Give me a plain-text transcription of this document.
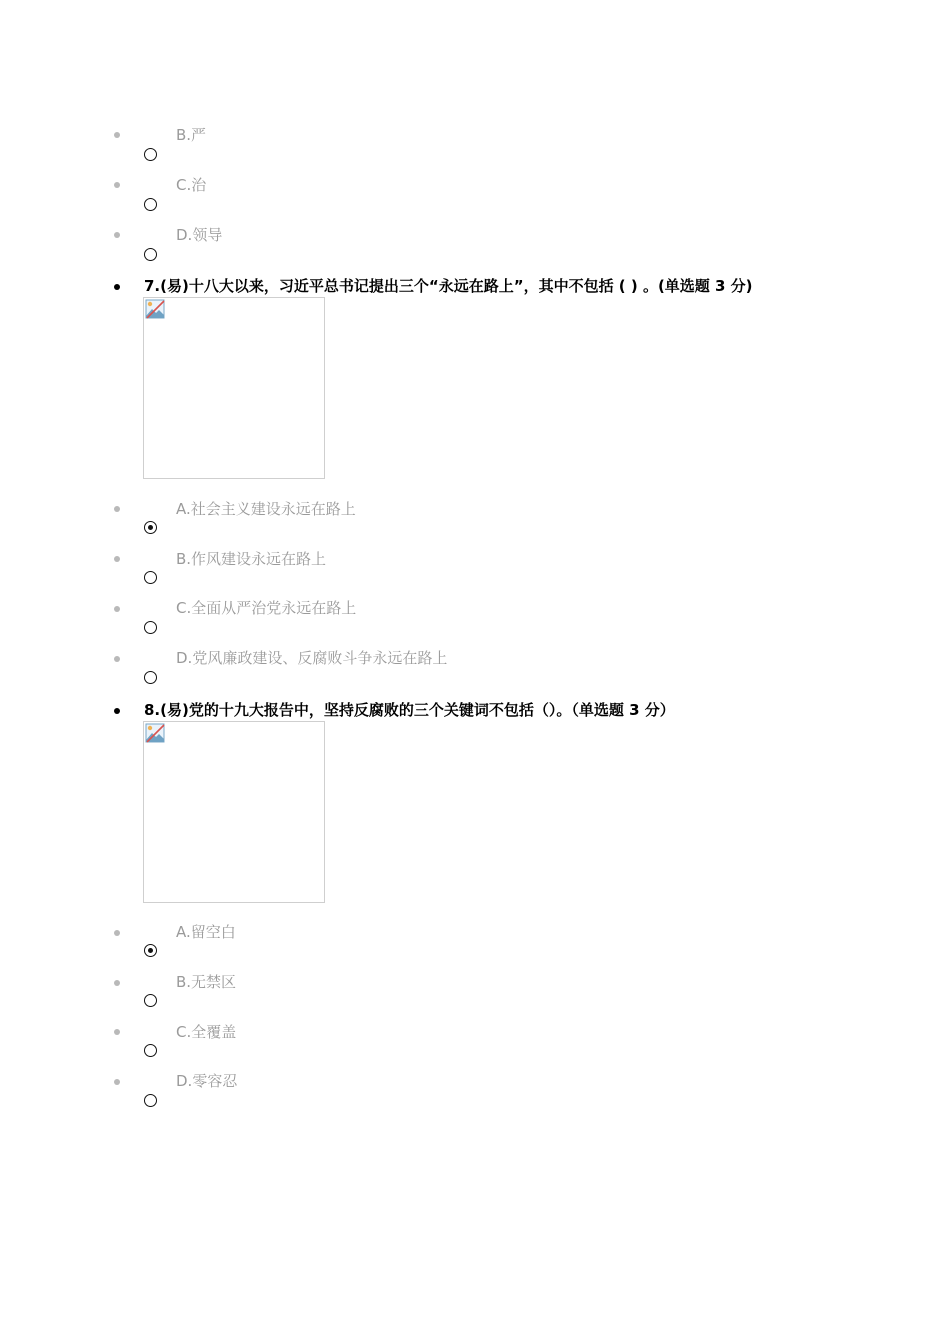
B.严
C.治
D.领导
7.(易)十八大以来，习近平总书记提出三个“永远在路上”，其中不包括 ( ) 。(单选题 3 分)
A.社会主义建设永远在路上
B.作风建设永远在路上
C.全面从严治党永远在路上
D.党风廉政建设、反腐败斗争永远在路上
8.(易)党的十九大报告中，坚持反腐败的三个关键词不包括（）。（单选题 3 分）
A.留空白
B.无禁区
C.全覆盖
D.零容忍
